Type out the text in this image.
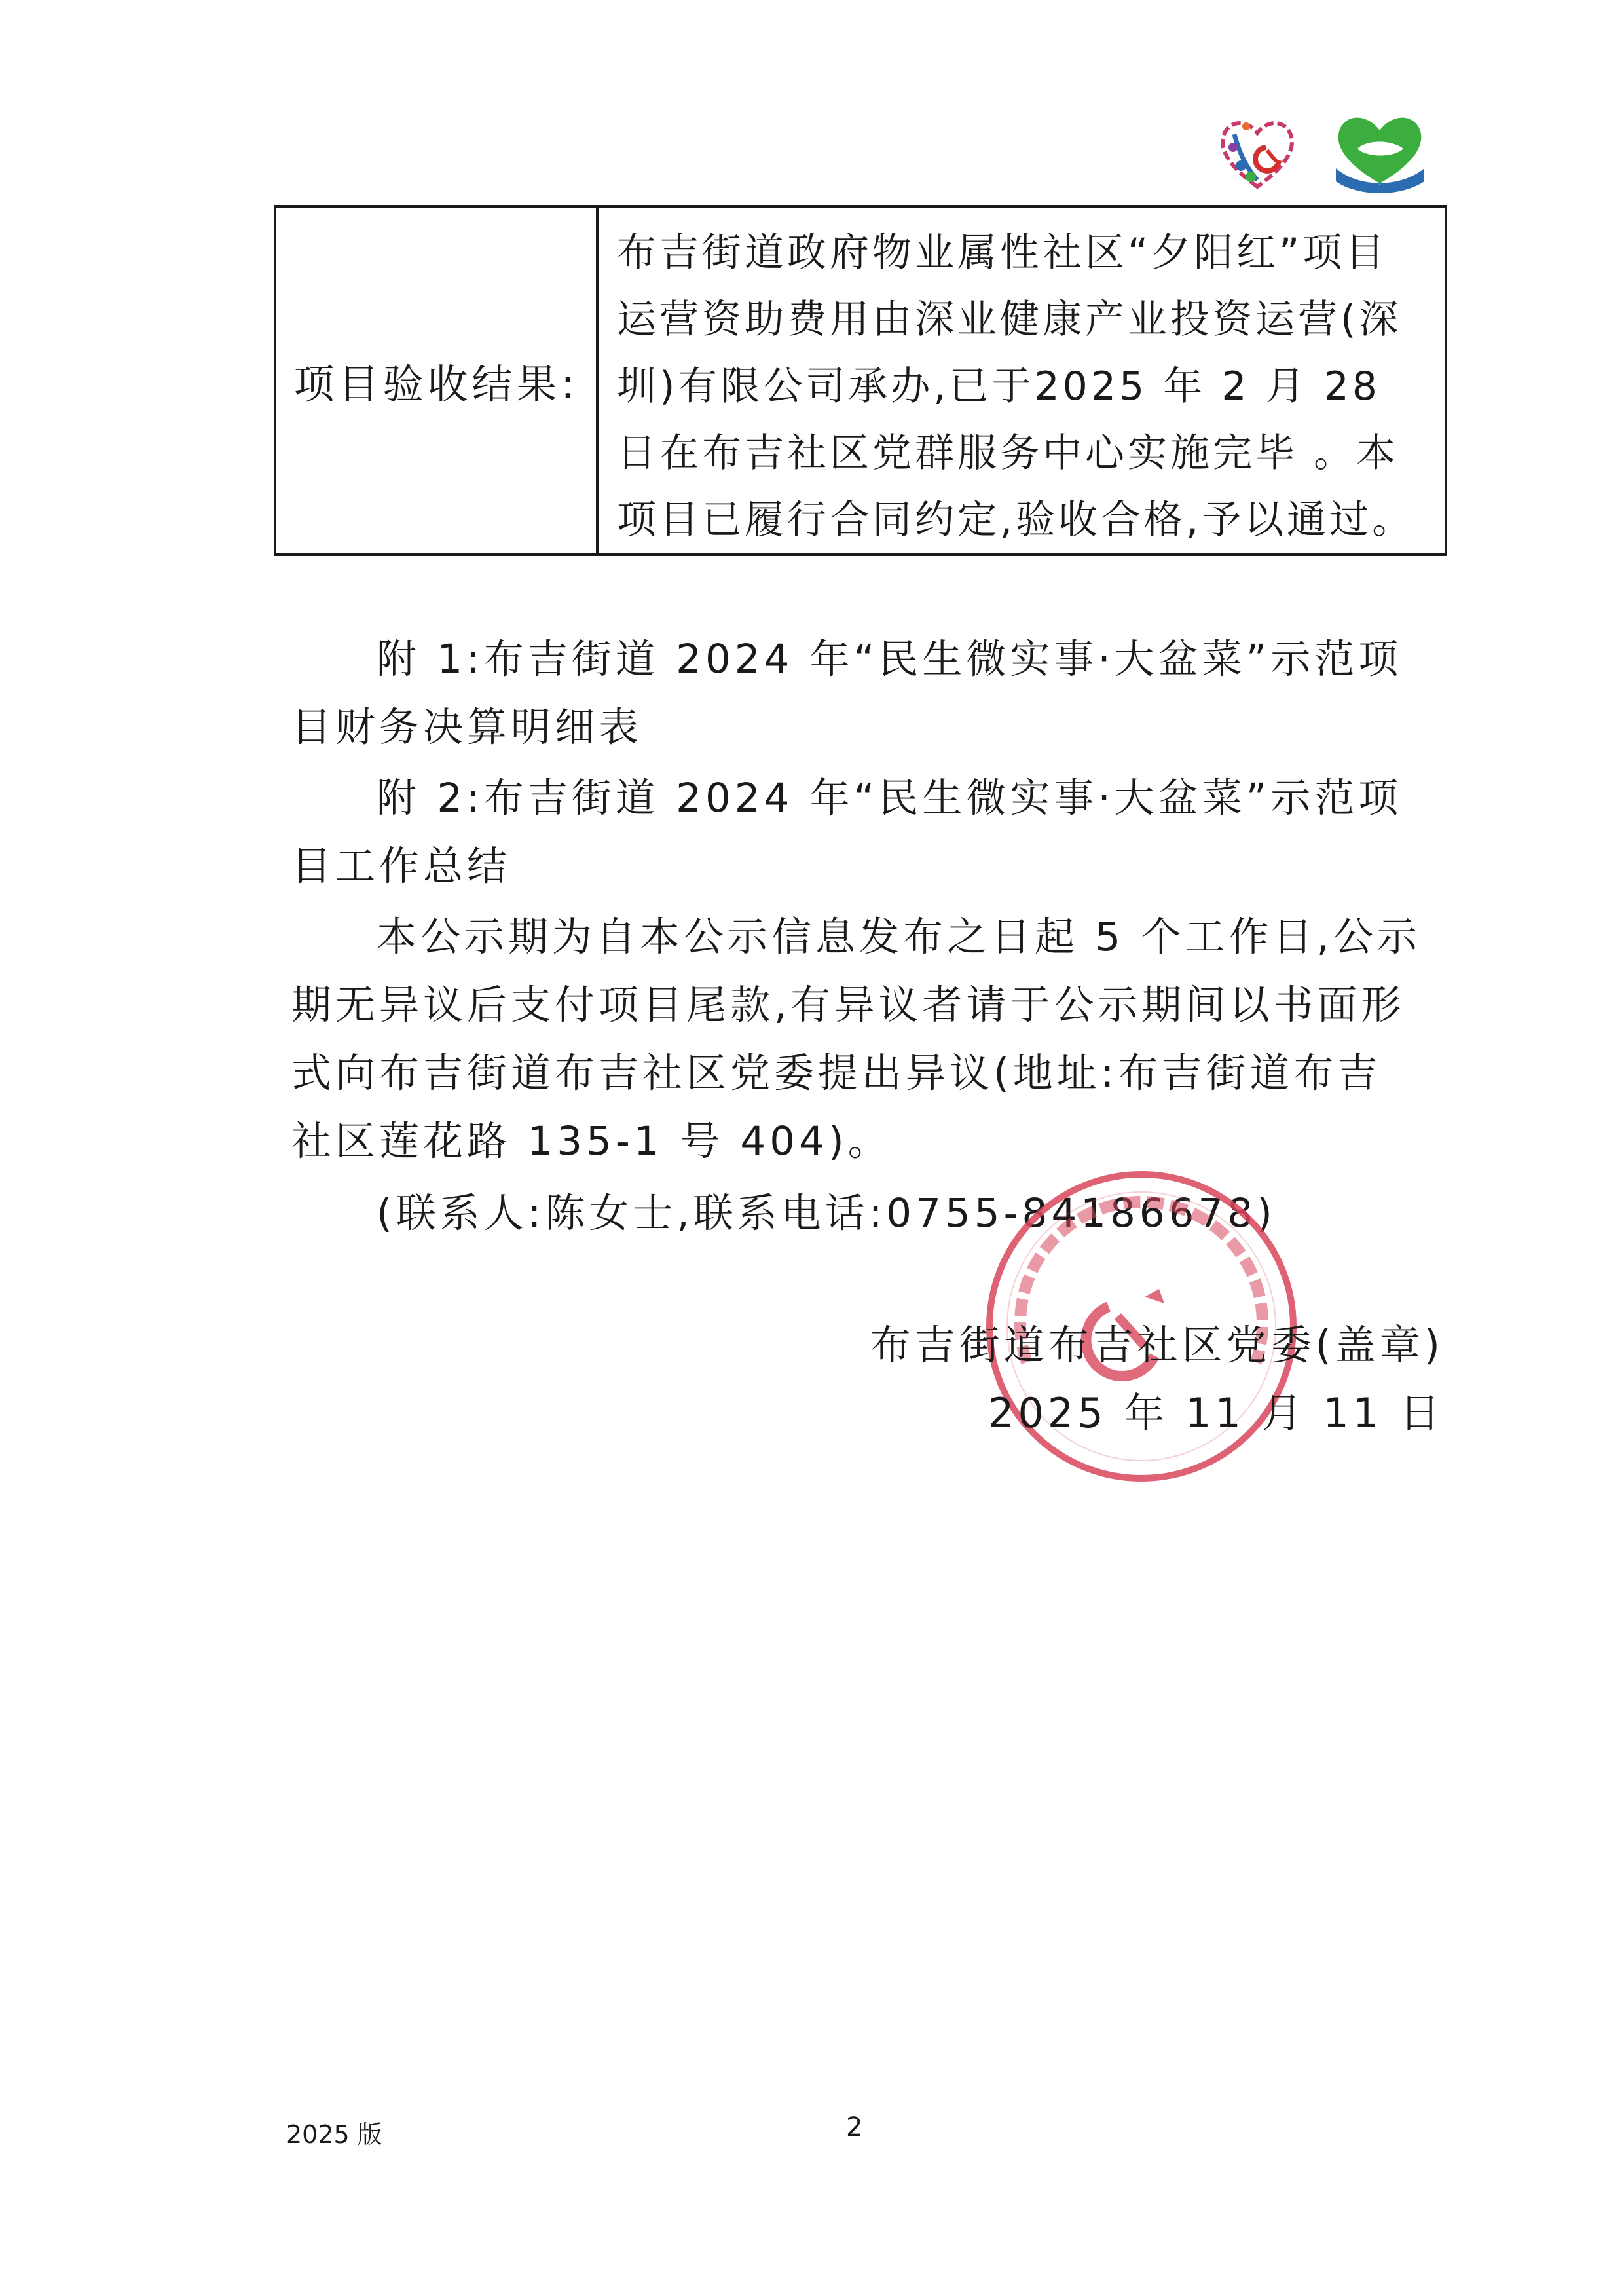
·
项目验收结果:	
布吉街道政府物业属性社区“夕阳红”项目
运营资助费用由深业健康产业投资运营(深
圳)有限公司承办,已于2025 年 2 月 28
日在布吉社区党群服务中心实施完毕 。本
项目已履行合同约定,验收合格,予以通过。
附 1:布吉街道 2024 年“民生微实事·大盆菜”示范项
目财务决算明细表
附 2:布吉街道 2024 年“民生微实事·大盆菜”示范项
目工作总结
本公示期为自本公示信息发布之日起 5 个工作日,公示
期无异议后支付项目尾款,有异议者请于公示期间以书面形
式向布吉街道布吉社区党委提出异议(地址:布吉街道布吉
社区莲花路 135-1 号 404)。
(联系人:陈女士,联系电话:0755-84186678)
布吉街道布吉社区党委(盖章)
2025 年 11 月 11 日
2025 版	2
